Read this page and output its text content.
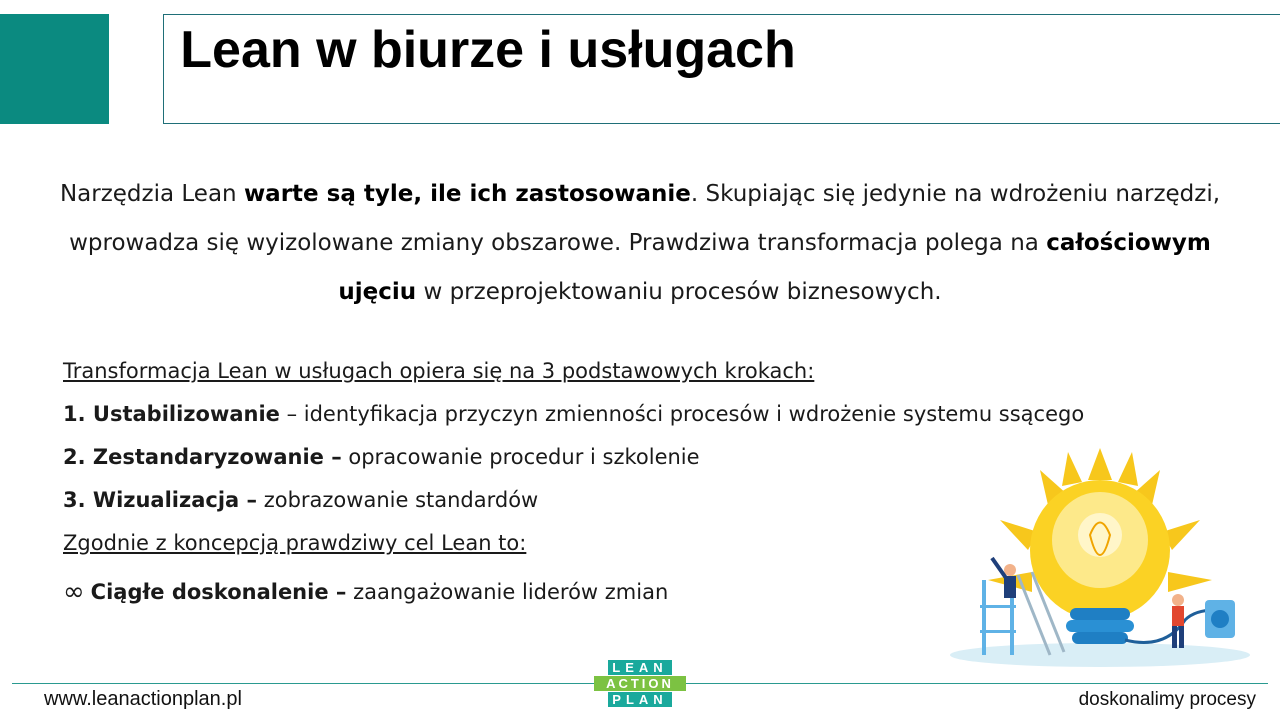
Lean w biurze i usługach
Narzędzia Lean warte są tyle, ile ich zastosowanie. Skupiając się jedynie na wdrożeniu narzędzi, wprowadza się wyizolowane zmiany obszarowe. Prawdziwa transformacja polega na całościowym ujęciu w przeprojektowaniu procesów biznesowych.
Transformacja Lean w usługach opiera się na 3 podstawowych krokach:
1. Ustabilizowanie – identyfikacja przyczyn zmienności procesów i wdrożenie systemu ssącego
2. Zestandaryzowanie – opracowanie procedur i szkolenie
3. Wizualizacja – zobrazowanie standardów
Zgodnie z koncepcją prawdziwy cel Lean to:
∞ Ciągłe doskonalenie – zaangażowanie liderów zmian
www.leanactionplan.pl
LEAN
ACTION
PLAN	doskonalimy procesy
